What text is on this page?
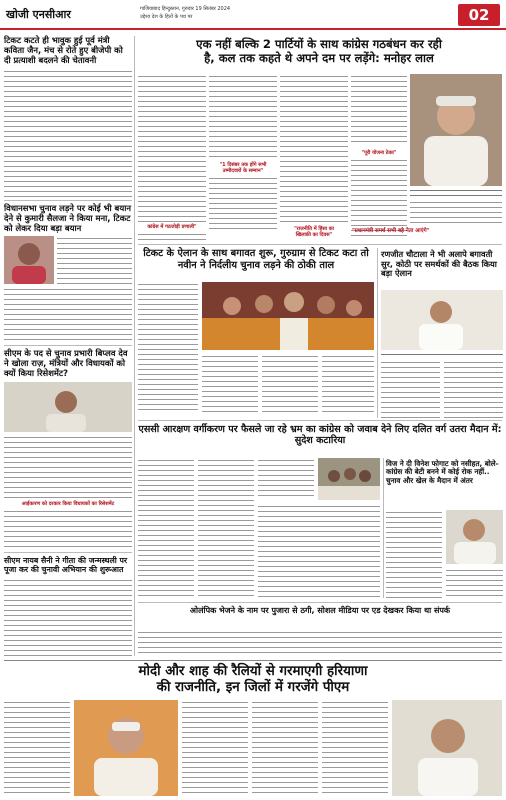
खोजी एनसीआर	गाजियाबाद हिन्दुस्तान, गुरुवार 19 सितंबर 2024
उद्देश्य देश के हितों के पथ पर	02
टिकट कटते ही भावुक हुई पूर्व मंत्री कविता जैन, मंच से रोते हुए बीजेपी को दी प्रत्याशी बदलने की चेतावनी
विधानसभा चुनाव लड़ने पर कोई भी बयान देने से कुमारी सैलजा ने किया मना, टिकट को लेकर दिया बड़ा बयान
सीएम के पद से चुनाव प्रभारी बिप्लव देव ने खोला राज़, मंत्रियों और विधायकों को क्यों किया रिसेशमेंट?
आईकारण को दरकार किया विधायकों का रिसेशमेंट
सीएम नायब सैनी ने गीता की जन्मस्थली पर पूजा कर की चुनावी अभियान की शुरूआत
एक नहीं बल्कि 2 पार्टियों के साथ कांग्रेस गठबंधन कर रही
है, कल तक कहते थे अपने दम पर लड़ेंगे: मनोहर लाल
"1 दिसंबर तक होंगे सभी
उम्मीदवारों के सम्मान"
कांग्रेस में गठजोड़ी प्रणाली"	"राजनीति में हिंसा का
खिलाफ़ी का दिवस"
"पूरी योजना ठेका"
"प्रधानमंत्री समर्थ सभी बड़े नेता आएंगे"
टिकट के ऐलान के साथ बगावत शुरू, गुरुग्राम से टिकट कटा तो नवीन ने निर्दलीय चुनाव लड़ने की ठोकी ताल
रणजीत चौटाला ने भी अलापे बगावती सुर, कोठी पर समर्थकों की बैठक किया बड़ा ऐलान
एससी आरक्षण वर्गीकरण पर फैसले जा रहे भ्रम का कांग्रेस को जवाब देने लिए दलित वर्ग उतरा मैदान में: सुदेश कटारिया
विज ने दी विनेश फोगाट को नसीहत, बोले- कांग्रेस की बेटी बनने में कोई रोक नहीं.. चुनाव और खेल के मैदान में अंतर
ओलंपिक भेजने के नाम पर पुजारा से ठगी, सोशल मीडिया पर एड देखकर किया था संपर्क
मोदी और शाह की रैलियों से गरमाएगी हरियाणा
की राजनीति, इन जिलों में गरजेंगे पीएम
